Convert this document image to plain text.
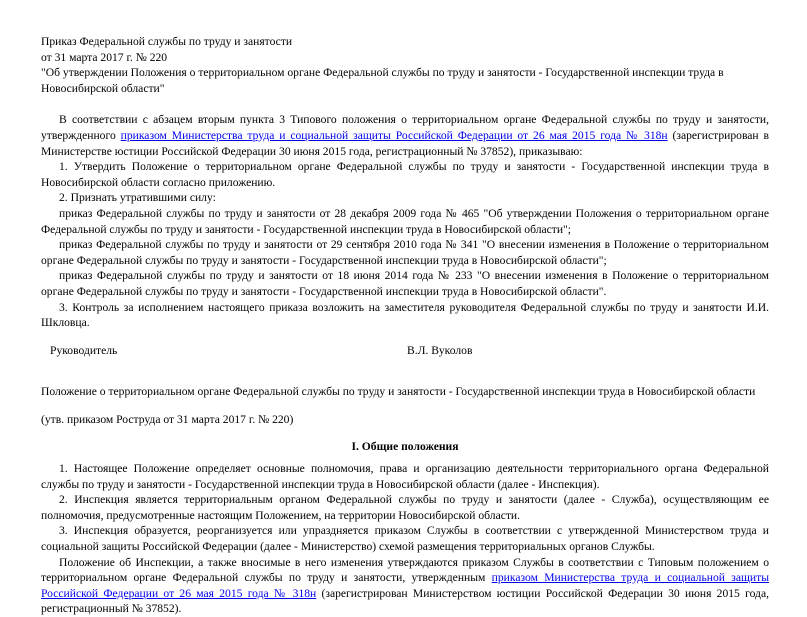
Приказ Федеральной службы по труду и занятости

от 31 марта 2017 г. № 220

"Об утверждении Положения о территориальном органе Федеральной службы по труду и занятости - Государственной инспекции труда в Новосибирской области"

В соответствии с абзацем вторым пункта 3 Типового положения о территориальном органе Федеральной службы по труду и занятости, утвержденного приказом Министерства труда и социальной защиты Российской Федерации от 26 мая 2015 года № 318н (зарегистрирован в Министерстве юстиции Российской Федерации 30 июня 2015 года, регистрационный № 37852), приказываю:

1. Утвердить Положение о территориальном органе Федеральной службы по труду и занятости - Государственной инспекции труда в Новосибирской области согласно приложению.

2. Признать утратившими силу:

приказ Федеральной службы по труду и занятости от 28 декабря 2009 года № 465 "Об утверждении Положения о территориальном органе Федеральной службы по труду и занятости - Государственной инспекции труда в Новосибирской области";

приказ Федеральной службы по труду и занятости от 29 сентября 2010 года № 341 "О внесении изменения в Положение о территориальном органе Федеральной службы по труду и занятости - Государственной инспекции труда в Новосибирской области";

приказ Федеральной службы по труду и занятости от 18 июня 2014 года № 233 "О внесении изменения в Положение о территориальном органе Федеральной службы по труду и занятости - Государственной инспекции труда в Новосибирской области".

3. Контроль за исполнением настоящего приказа возложить на заместителя руководителя Федеральной службы по труду и занятости И.И. Шкловца.

Руководитель	В.Л. Вуколов

Положение о территориальном органе Федеральной службы по труду и занятости - Государственной инспекции труда в Новосибирской области

(утв. приказом Роструда от 31 марта 2017 г. № 220)

I. Общие положения

1. Настоящее Положение определяет основные полномочия, права и организацию деятельности территориального органа Федеральной службы по труду и занятости - Государственной инспекции труда в Новосибирской области (далее - Инспекция).

2. Инспекция является территориальным органом Федеральной службы по труду и занятости (далее - Служба), осуществляющим ее полномочия, предусмотренные настоящим Положением, на территории Новосибирской области.

3. Инспекция образуется, реорганизуется или упраздняется приказом Службы в соответствии с утвержденной Министерством труда и социальной защиты Российской Федерации (далее - Министерство) схемой размещения территориальных органов Службы.

Положение об Инспекции, а также вносимые в него изменения утверждаются приказом Службы в соответствии с Типовым положением о территориальном органе Федеральной службы по труду и занятости, утвержденным приказом Министерства труда и социальной защиты Российской Федерации от 26 мая 2015 года № 318н (зарегистрирован Министерством юстиции Российской Федерации 30 июня 2015 года, регистрационный № 37852).
